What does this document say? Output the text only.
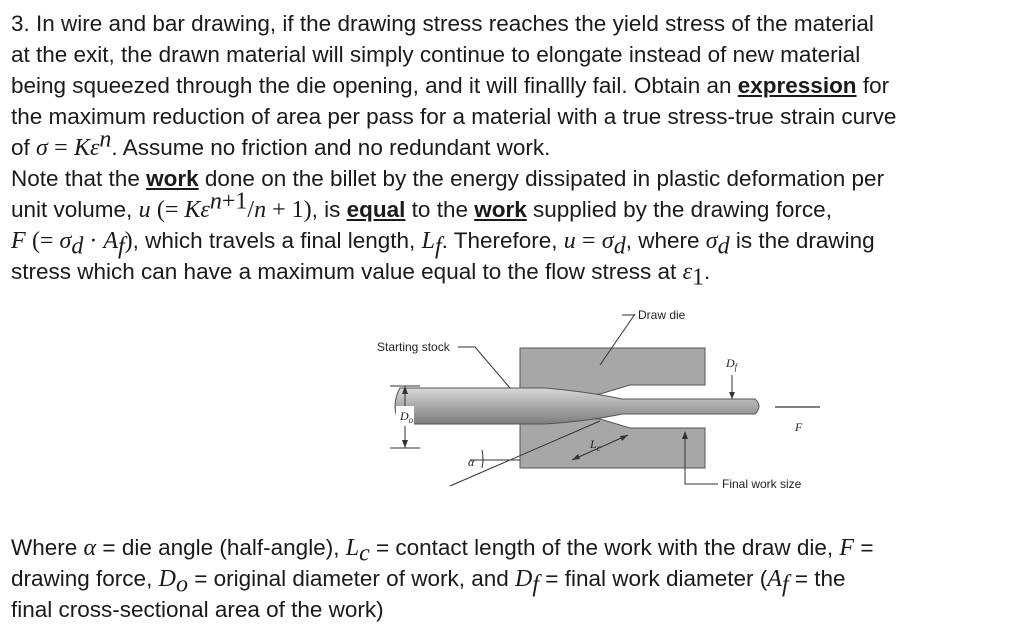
3. In wire and bar drawing, if the drawing stress reaches the yield stress of the material
at the exit, the drawn material will simply continue to elongate instead of new material
being squeezed through the die opening, and it will finallly fail. Obtain an expression for
the maximum reduction of area per pass for a material with a true stress-true strain curve
of $\sigma = K\varepsilon^n$. Assume no friction and no redundant work.
Note that the work done on the billet by the energy dissipated in plastic deformation per
unit volume, u (= $K\varepsilon^{n+1}/n + 1$), is equal to the work supplied by the drawing force,
F (= $\sigma_d \cdot A_f$), which travels a final length, $L_f$. Therefore, $u = \sigma_d$, where $\sigma_d$ is the drawing
stress which can have a maximum value equal to the flow stress at $\varepsilon_1$.
Draw die
Starting stock
$D_o$
$D_f$
F
Final work size
α
$L_c$
Where α = die angle (half-angle), $L_c$ = contact length of the work with the draw die, F =
drawing force, $D_o$ = original diameter of work, and $D_f$ = final work diameter ($A_f$ = the
final cross-sectional area of the work)
